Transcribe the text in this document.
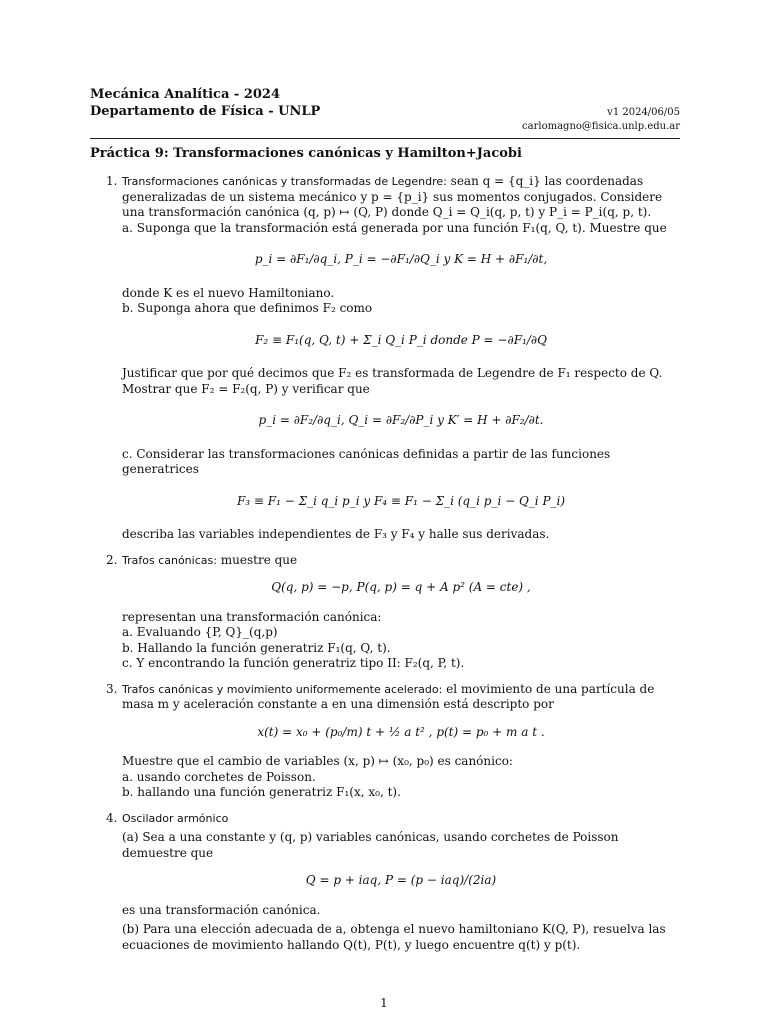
Mecánica Analítica - 2024
Departamento de Física - UNLP	v1 2024/06/05
carlomagno@fisica.unlp.edu.ar
Práctica 9: Transformaciones canónicas y Hamilton+Jacobi
1. Transformaciones canónicas y transformadas de Legendre: sean q = {q_i} las coordenadas generalizadas de un sistema mecánico y p = {p_i} sus momentos conjugados. Considere una transformación canónica (q, p) ↦ (Q, P) donde Q_i = Q_i(q, p, t) y P_i = P_i(q, p, t).

a. Suponga que la transformación está generada por una función F₁(q, Q, t). Muestre que

p_i = ∂F₁/∂q_i, P_i = −∂F₁/∂Q_i y K = H + ∂F₁/∂t,

donde K es el nuevo Hamiltoniano.

b. Suponga ahora que definimos F₂ como

F₂ ≡ F₁(q, Q, t) + Σ_i Q_i P_i donde P = −∂F₁/∂Q

Justificar que por qué decimos que F₂ es transformada de Legendre de F₁ respecto de Q. Mostrar que F₂ = F₂(q, P) y verificar que

p_i = ∂F₂/∂q_i, Q_i = ∂F₂/∂P_i y K′ = H + ∂F₂/∂t.

c. Considerar las transformaciones canónicas definidas a partir de las funciones generatrices

F₃ ≡ F₁ − Σ_i q_i p_i y F₄ ≡ F₁ − Σ_i (q_i p_i − Q_i P_i)

describa las variables independientes de F₃ y F₄ y halle sus derivadas.

2. Trafos canónicas: muestre que

Q(q, p) = −p, P(q, p) = q + A p² (A = cte) ,

representan una transformación canónica:

a. Evaluando {P, Q}_(q,p)

b. Hallando la función generatriz F₁(q, Q, t).

c. Y encontrando la función generatriz tipo II: F₂(q, P, t).

3. Trafos canónicas y movimiento uniformemente acelerado: el movimiento de una partícula de masa m y aceleración constante a en una dimensión está descripto por

x(t) = x₀ + (p₀/m) t + ½ a t² , p(t) = p₀ + m a t .

Muestre que el cambio de variables (x, p) ↦ (x₀, p₀) es canónico:

a. usando corchetes de Poisson.

b. hallando una función generatriz F₁(x, x₀, t).

4. Oscilador armónico

(a) Sea a una constante y (q, p) variables canónicas, usando corchetes de Poisson demuestre que

Q = p + iaq, P = (p − iaq)/(2ia)

es una transformación canónica.

(b) Para una elección adecuada de a, obtenga el nuevo hamiltoniano K(Q, P), resuelva las ecuaciones de movimiento hallando Q(t), P(t), y luego encuentre q(t) y p(t).

1
